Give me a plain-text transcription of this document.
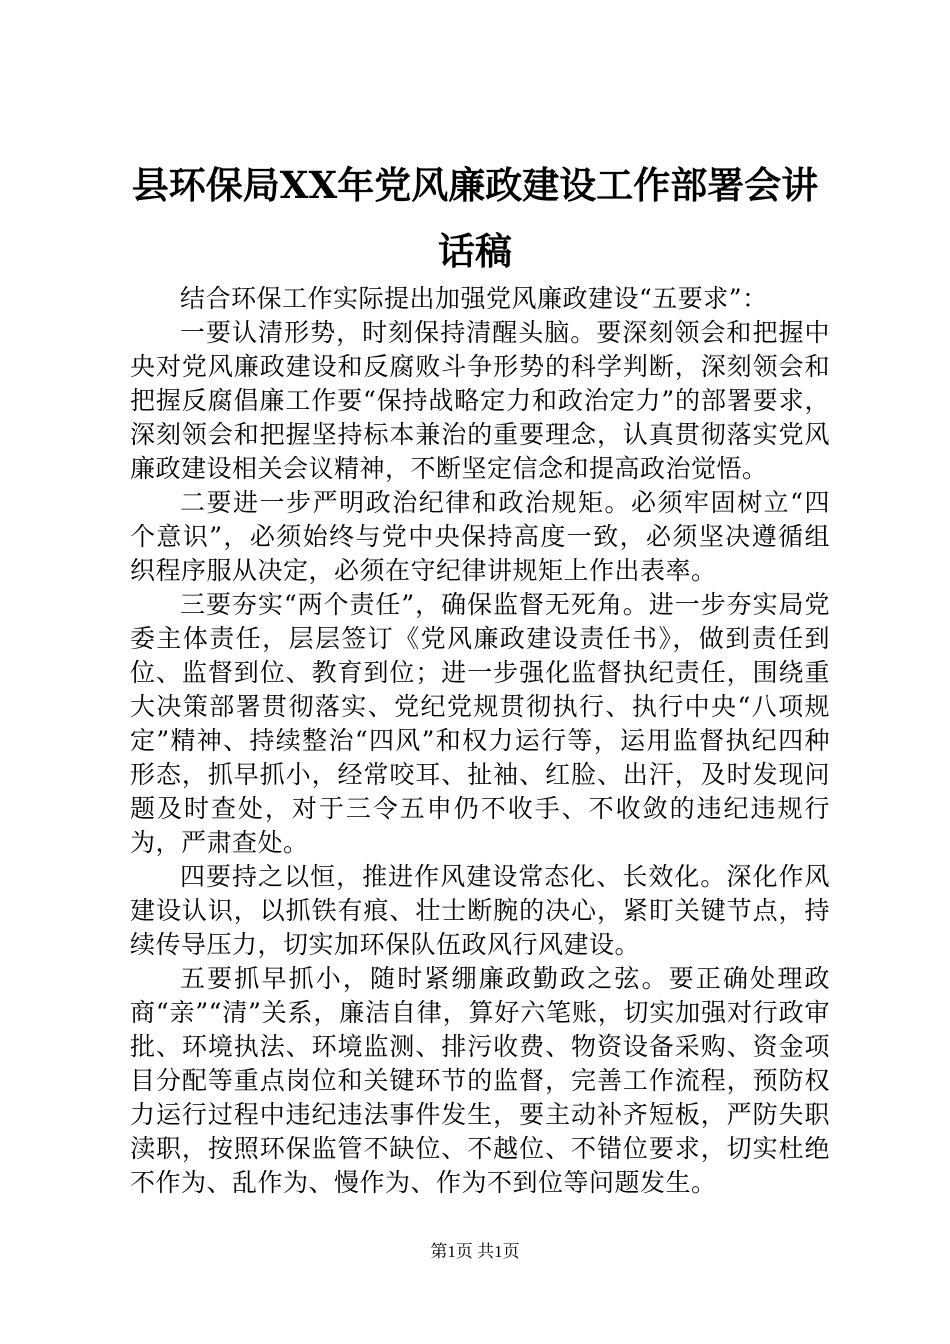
县环保局XX年党风廉政建设工作部署会讲话稿

结合环保工作实际提出加强党风廉政建设“五要求”：

一要认清形势，时刻保持清醒头脑。要深刻领会和把握中央对党风廉政建设和反腐败斗争形势的科学判断，深刻领会和把握反腐倡廉工作要“保持战略定力和政治定力”的部署要求，深刻领会和把握坚持标本兼治的重要理念，认真贯彻落实党风廉政建设相关会议精神，不断坚定信念和提高政治觉悟。

二要进一步严明政治纪律和政治规矩。必须牢固树立“四个意识”，必须始终与党中央保持高度一致，必须坚决遵循组织程序服从决定，必须在守纪律讲规矩上作出表率。

三要夯实“两个责任”，确保监督无死角。进一步夯实局党委主体责任，层层签订《党风廉政建设责任书》，做到责任到位、监督到位、教育到位；进一步强化监督执纪责任，围绕重大决策部署贯彻落实、党纪党规贯彻执行、执行中央“八项规定”精神、持续整治“四风”和权力运行等，运用监督执纪四种形态，抓早抓小，经常咬耳、扯袖、红脸、出汗，及时发现问题及时查处，对于三令五申仍不收手、不收敛的违纪违规行为，严肃查处。

四要持之以恒，推进作风建设常态化、长效化。深化作风建设认识，以抓铁有痕、壮士断腕的决心，紧盯关键节点，持续传导压力，切实加环保队伍政风行风建设。

五要抓早抓小，随时紧绷廉政勤政之弦。要正确处理政商“亲”“清”关系，廉洁自律，算好六笔账，切实加强对行政审批、环境执法、环境监测、排污收费、物资设备采购、资金项目分配等重点岗位和关键环节的监督，完善工作流程，预防权力运行过程中违纪违法事件发生，要主动补齐短板，严防失职渎职，按照环保监管不缺位、不越位、不错位要求，切实杜绝不作为、乱作为、慢作为、作为不到位等问题发生。

第1页 共1页
